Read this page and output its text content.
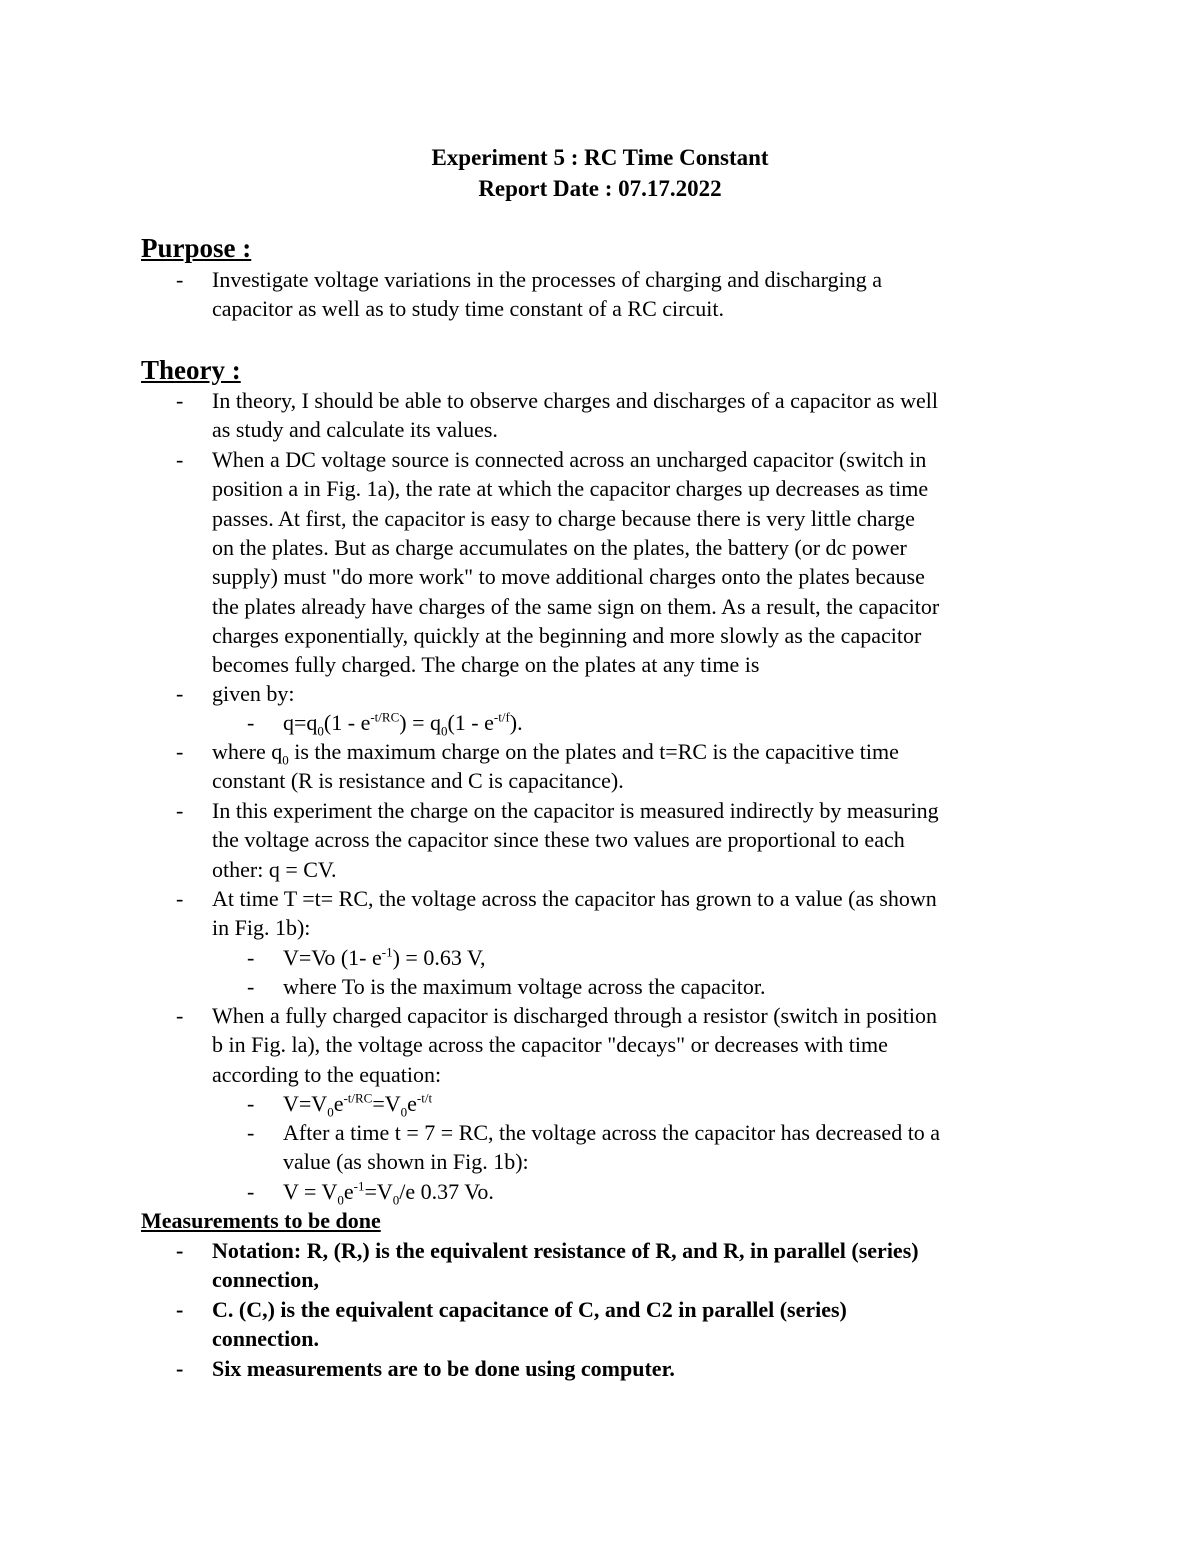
Experiment 5 : RC Time Constant
Report Date : 07.17.2022
Purpose :
- Investigate voltage variations in the processes of charging and discharging a
capacitor as well as to study time constant of a RC circuit.
Theory :
- In theory, I should be able to observe charges and discharges of a capacitor as well
as study and calculate its values.
- When a DC voltage source is connected across an uncharged capacitor (switch in
position a in Fig. 1a), the rate at which the capacitor charges up decreases as time
passes. At first, the capacitor is easy to charge because there is very little charge
on the plates. But as charge accumulates on the plates, the battery (or dc power
supply) must "do more work" to move additional charges onto the plates because
the plates already have charges of the same sign on them. As a result, the capacitor
charges exponentially, quickly at the beginning and more slowly as the capacitor
becomes fully charged. The charge on the plates at any time is
- given by:
- $q=q_0(1 - e^{-t/RC}) = q_0(1 - e^{-t/f})$.
- where $q_0$ is the maximum charge on the plates and t=RC is the capacitive time
constant (R is resistance and C is capacitance).
- In this experiment the charge on the capacitor is measured indirectly by measuring
the voltage across the capacitor since these two values are proportional to each
other: q = CV.
- At time T =t= RC, the voltage across the capacitor has grown to a value (as shown
in Fig. 1b):
- V=Vo (1- $e^{-1}) = 0.63$ V,
- where To is the maximum voltage across the capacitor.
- When a fully charged capacitor is discharged through a resistor (switch in position
b in Fig. la), the voltage across the capacitor "decays" or decreases with time
according to the equation:
- $V=V_0e^{-t/RC}=V_0e^{-t/t}$
- After a time t = 7 = RC, the voltage across the capacitor has decreased to a
value (as shown in Fig. 1b):
- $V = V_0e^{-1}=V_0/e$ 0.37 Vo.
Measurements to be done
- Notation: R, (R,) is the equivalent resistance of R, and R, in parallel (series)
connection,
- C. (C,) is the equivalent capacitance of C, and C2 in parallel (series)
connection.
- Six measurements are to be done using computer.
